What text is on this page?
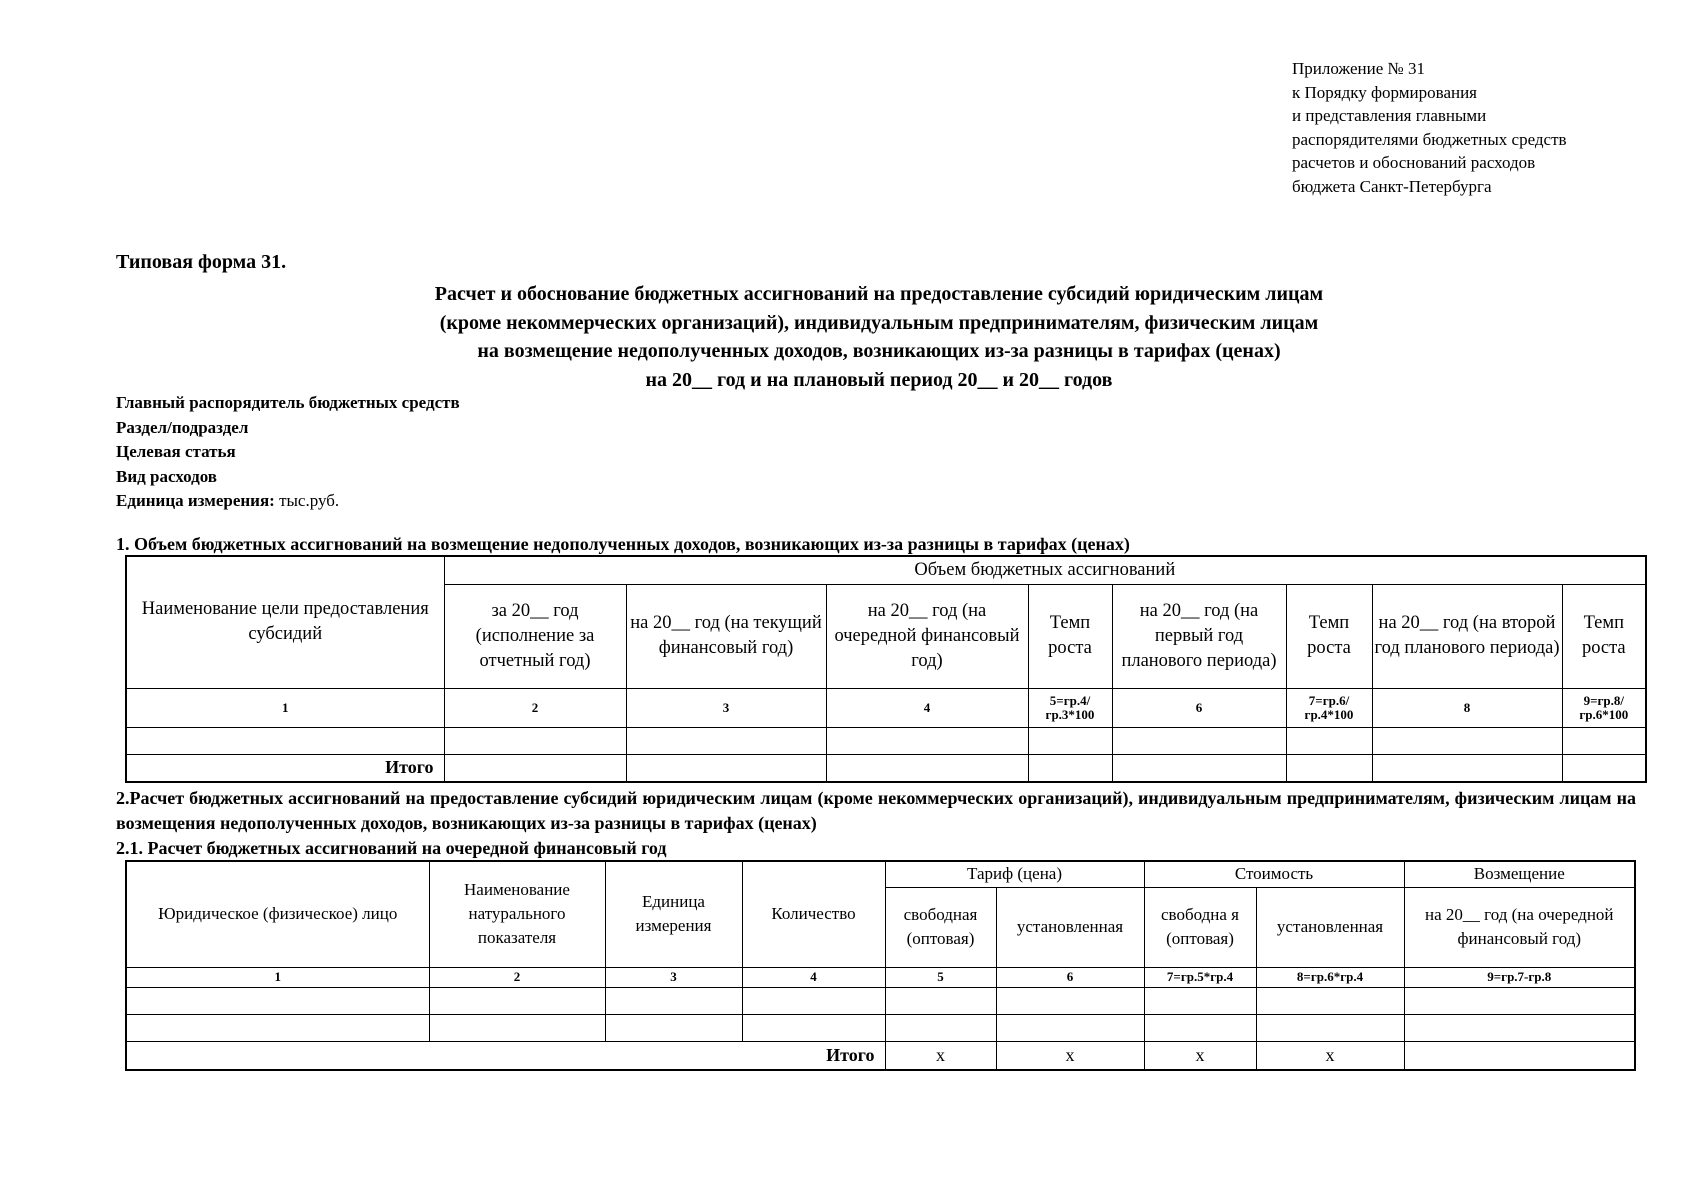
Приложение № 31
к Порядку формирования
и представления главными
распорядителями бюджетных средств
расчетов и обоснований расходов
бюджета Санкт-Петербурга
Типовая форма 31.
Расчет и обоснование бюджетных ассигнований на предоставление субсидий юридическим лицам
(кроме некоммерческих организаций), индивидуальным предпринимателям, физическим лицам
на возмещение недополученных доходов, возникающих из-за разницы в тарифах (ценах)
на 20__ год и на плановый период 20__ и 20__ годов
Главный распорядитель бюджетных средств
Раздел/подраздел
Целевая статья
Вид расходов
Единица измерения: тыс.руб.
1. Объем бюджетных ассигнований на возмещение недополученных доходов, возникающих из-за разницы в тарифах (ценах)
Наименование цели предоставления субсидий	Объем бюджетных ассигнований							
	за 20__ год (исполнение за отчетный год)	на 20__ год (на текущий финансовый год)	на 20__ год (на очередной финансовый год)	Темп роста	на 20__ год (на первый год планового периода)	Темп роста	на 20__ год (на второй год планового периода)	Темп роста
1	2	3	4	5=гр.4/ гр.3*100	6	7=гр.6/ гр.4*100	8	9=гр.8/ гр.6*100

Итого								
2.Расчет бюджетных ассигнований на предоставление субсидий юридическим лицам (кроме некоммерческих организаций), индивидуальным предпринимателям, физическим лицам на возмещения недополученных доходов, возникающих из-за разницы в тарифах (ценах)
2.1. Расчет бюджетных ассигнований на очередной финансовый год
Юридическое (физическое) лицо	Наименование натурального показателя	Единица измерения	Количество	Тариф (цена)		Стоимость		Возмещение
				свободная (оптовая)	установленная	свободна я (оптовая)	установленная	на 20__ год (на очередной финансовый год)
1	2	3	4	5	6	7=гр.5*гр.4	8=гр.6*гр.4	9=гр.7-гр.8

Итого				х	х	х	х	
